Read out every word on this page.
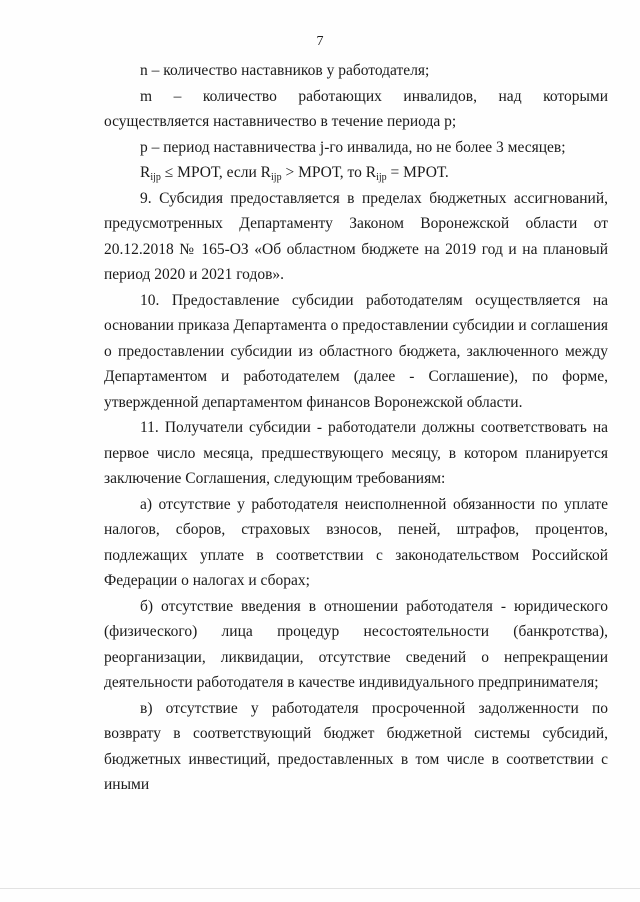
7

n – количество наставников у работодателя;

m – количество работающих инвалидов, над которыми осуществляется наставничество в течение периода p;

p – период наставничества j-го инвалида, но не более 3 месяцев;

$R_{ijp}$ ≤ МРОТ, если $R_{ijp}$ > МРОТ, то $R_{ijp}$ = МРОТ.

9. Субсидия предоставляется в пределах бюджетных ассигнований, предусмотренных Департаменту Законом Воронежской области от 20.12.2018 № 165-ОЗ «Об областном бюджете на 2019 год и на плановый период 2020 и 2021 годов».

10. Предоставление субсидии работодателям осуществляется на основании приказа Департамента о предоставлении субсидии и соглашения о предоставлении субсидии из областного бюджета, заключенного между Департаментом и работодателем (далее - Соглашение), по форме, утвержденной департаментом финансов Воронежской области.

11. Получатели субсидии - работодатели должны соответствовать на первое число месяца, предшествующего месяцу, в котором планируется заключение Соглашения, следующим требованиям:

а) отсутствие у работодателя неисполненной обязанности по уплате налогов, сборов, страховых взносов, пеней, штрафов, процентов, подлежащих уплате в соответствии с законодательством Российской Федерации о налогах и сборах;

б) отсутствие введения в отношении работодателя - юридического (физического) лица процедур несостоятельности (банкротства), реорганизации, ликвидации, отсутствие сведений о непрекращении деятельности работодателя в качестве индивидуального предпринимателя;

в) отсутствие у работодателя просроченной задолженности по возврату в соответствующий бюджет бюджетной системы субсидий, бюджетных инвестиций, предоставленных в том числе в соответствии с иными
